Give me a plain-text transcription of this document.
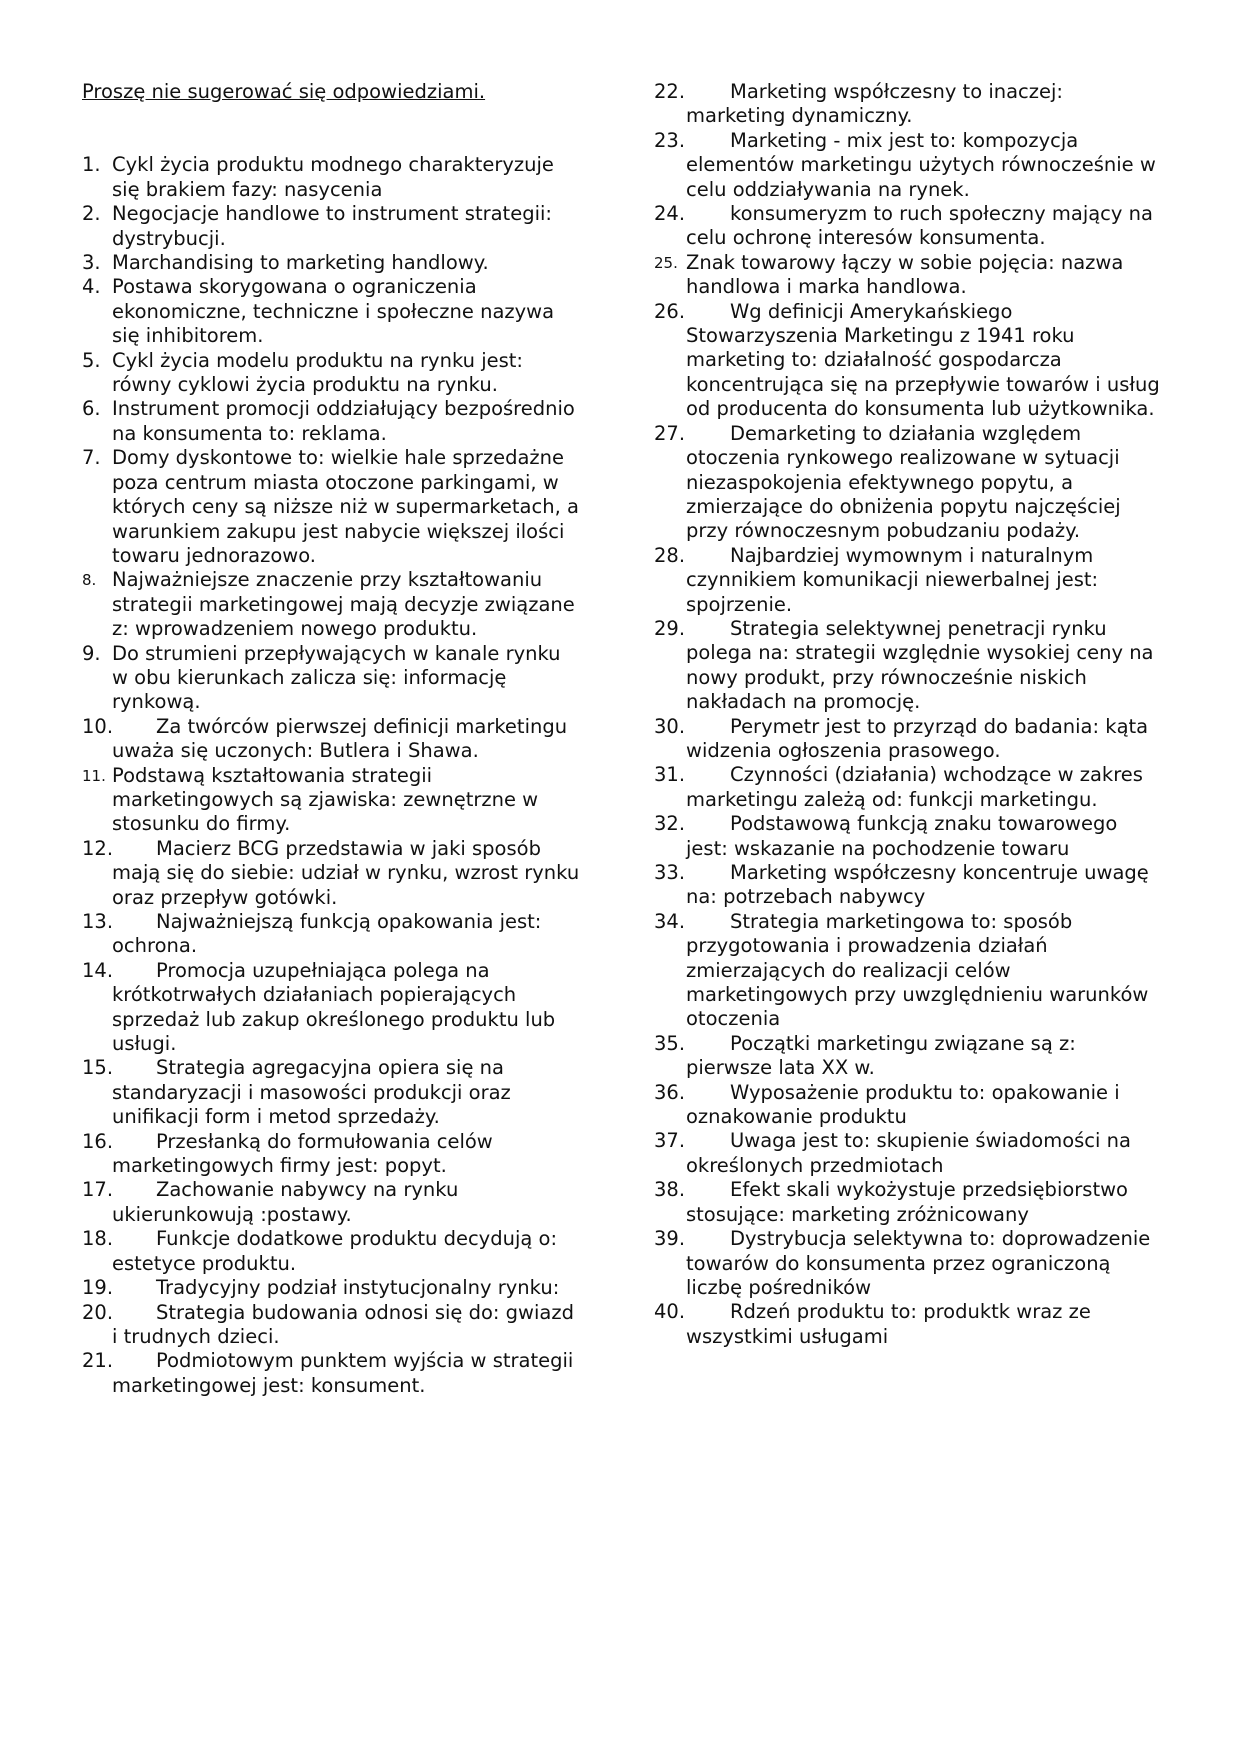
Proszę nie sugerować się odpowiedziami.

1. Cykl życia produktu modnego charakteryzuje się brakiem fazy: nasycenia
2. Negocjacje handlowe to instrument strategii: dystrybucji.
3. Marchandising to marketing handlowy.
4. Postawa skorygowana o ograniczenia ekonomiczne, techniczne i społeczne nazywa się inhibitorem.
5. Cykl życia modelu produktu na rynku jest: równy cyklowi życia produktu na rynku.
6. Instrument promocji oddziałujący bezpośrednio na konsumenta to: reklama.
7. Domy dyskontowe to: wielkie hale sprzedażne poza centrum miasta otoczone parkingami, w których ceny są niższe niż w supermarketach, a warunkiem zakupu jest nabycie większej ilości towaru jednorazowo.
8. Najważniejsze znaczenie przy kształtowaniu strategii marketingowej mają decyzje związane z: wprowadzeniem nowego produktu.
9. Do strumieni przepływających w kanale rynku w obu kierunkach zalicza się: informację rynkową.
10. Za twórców pierwszej definicji marketingu uważa się uczonych: Butlera i Shawa.
11. Podstawą kształtowania strategii marketingowych są zjawiska: zewnętrzne w stosunku do firmy.
12. Macierz BCG przedstawia w jaki sposób mają się do siebie: udział w rynku, wzrost rynku oraz przepływ gotówki.
13. Najważniejszą funkcją opakowania jest: ochrona.
14. Promocja uzupełniająca polega na krótkotrwałych działaniach popierających sprzedaż lub zakup określonego produktu lub usługi.
15. Strategia agregacyjna opiera się na standaryzacji i masowości produkcji oraz unifikacji form i metod sprzedaży.
16. Przesłanką do formułowania celów marketingowych firmy jest: popyt.
17. Zachowanie nabywcy na rynku ukierunkowują :postawy.
18. Funkcje dodatkowe produktu decydują o: estetyce produktu.
19. Tradycyjny podział instytucjonalny rynku:
20. Strategia budowania odnosi się do: gwiazd i trudnych dzieci.
21. Podmiotowym punktem wyjścia w strategii marketingowej jest: konsument.
22. Marketing współczesny to inaczej: marketing dynamiczny.
23. Marketing - mix jest to: kompozycja elementów marketingu użytych równocześnie w celu oddziaływania na rynek.
24. konsumeryzm to ruch społeczny mający na celu ochronę interesów konsumenta.
25. Znak towarowy łączy w sobie pojęcia: nazwa handlowa i marka handlowa.
26. Wg definicji Amerykańskiego Stowarzyszenia Marketingu z 1941 roku marketing to: działalność gospodarcza koncentrująca się na przepływie towarów i usług od producenta do konsumenta lub użytkownika.
27. Demarketing to działania względem otoczenia rynkowego realizowane w sytuacji niezaspokojenia efektywnego popytu, a zmierzające do obniżenia popytu najczęściej przy równoczesnym pobudzaniu podaży.
28. Najbardziej wymownym i naturalnym czynnikiem komunikacji niewerbalnej jest: spojrzenie.
29. Strategia selektywnej penetracji rynku polega na: strategii względnie wysokiej ceny na nowy produkt, przy równocześnie niskich nakładach na promocję.
30. Perymetr jest to przyrząd do badania: kąta widzenia ogłoszenia prasowego.
31. Czynności (działania) wchodzące w zakres marketingu zależą od: funkcji marketingu.
32. Podstawową funkcją znaku towarowego jest: wskazanie na pochodzenie towaru
33. Marketing współczesny koncentruje uwagę na: potrzebach nabywcy
34. Strategia marketingowa to: sposób przygotowania i prowadzenia działań zmierzających do realizacji celów marketingowych przy uwzględnieniu warunków otoczenia
35. Początki marketingu związane są z: pierwsze lata XX w.
36. Wyposażenie produktu to: opakowanie i oznakowanie produktu
37. Uwaga jest to: skupienie świadomości na określonych przedmiotach
38. Efekt skali wykożystuje przedsiębiorstwo stosujące: marketing zróżnicowany
39. Dystrybucja selektywna to: doprowadzenie towarów do konsumenta przez ograniczoną liczbę pośredników
40. Rdzeń produktu to: produktk wraz ze wszystkimi usługami
